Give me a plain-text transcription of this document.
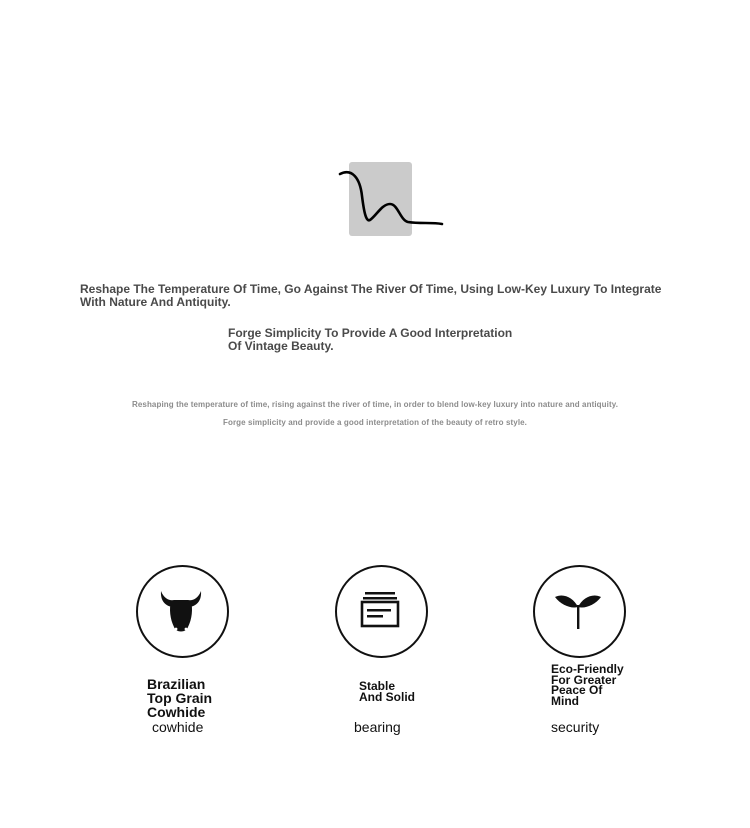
Reshape The Temperature Of Time, Go Against The River Of Time, Using Low-Key Luxury To Integrate With Nature And Antiquity.
Forge Simplicity To Provide A Good Interpretation Of Vintage Beauty.
Reshaping the temperature of time, rising against the river of time, in order to blend low-key luxury into nature and antiquity.
Forge simplicity and provide a good interpretation of the beauty of retro style.
Brazilian Top Grain Cowhide
cowhide
Stable And Solid
bearing
Eco-Friendly For Greater Peace Of Mind
security
